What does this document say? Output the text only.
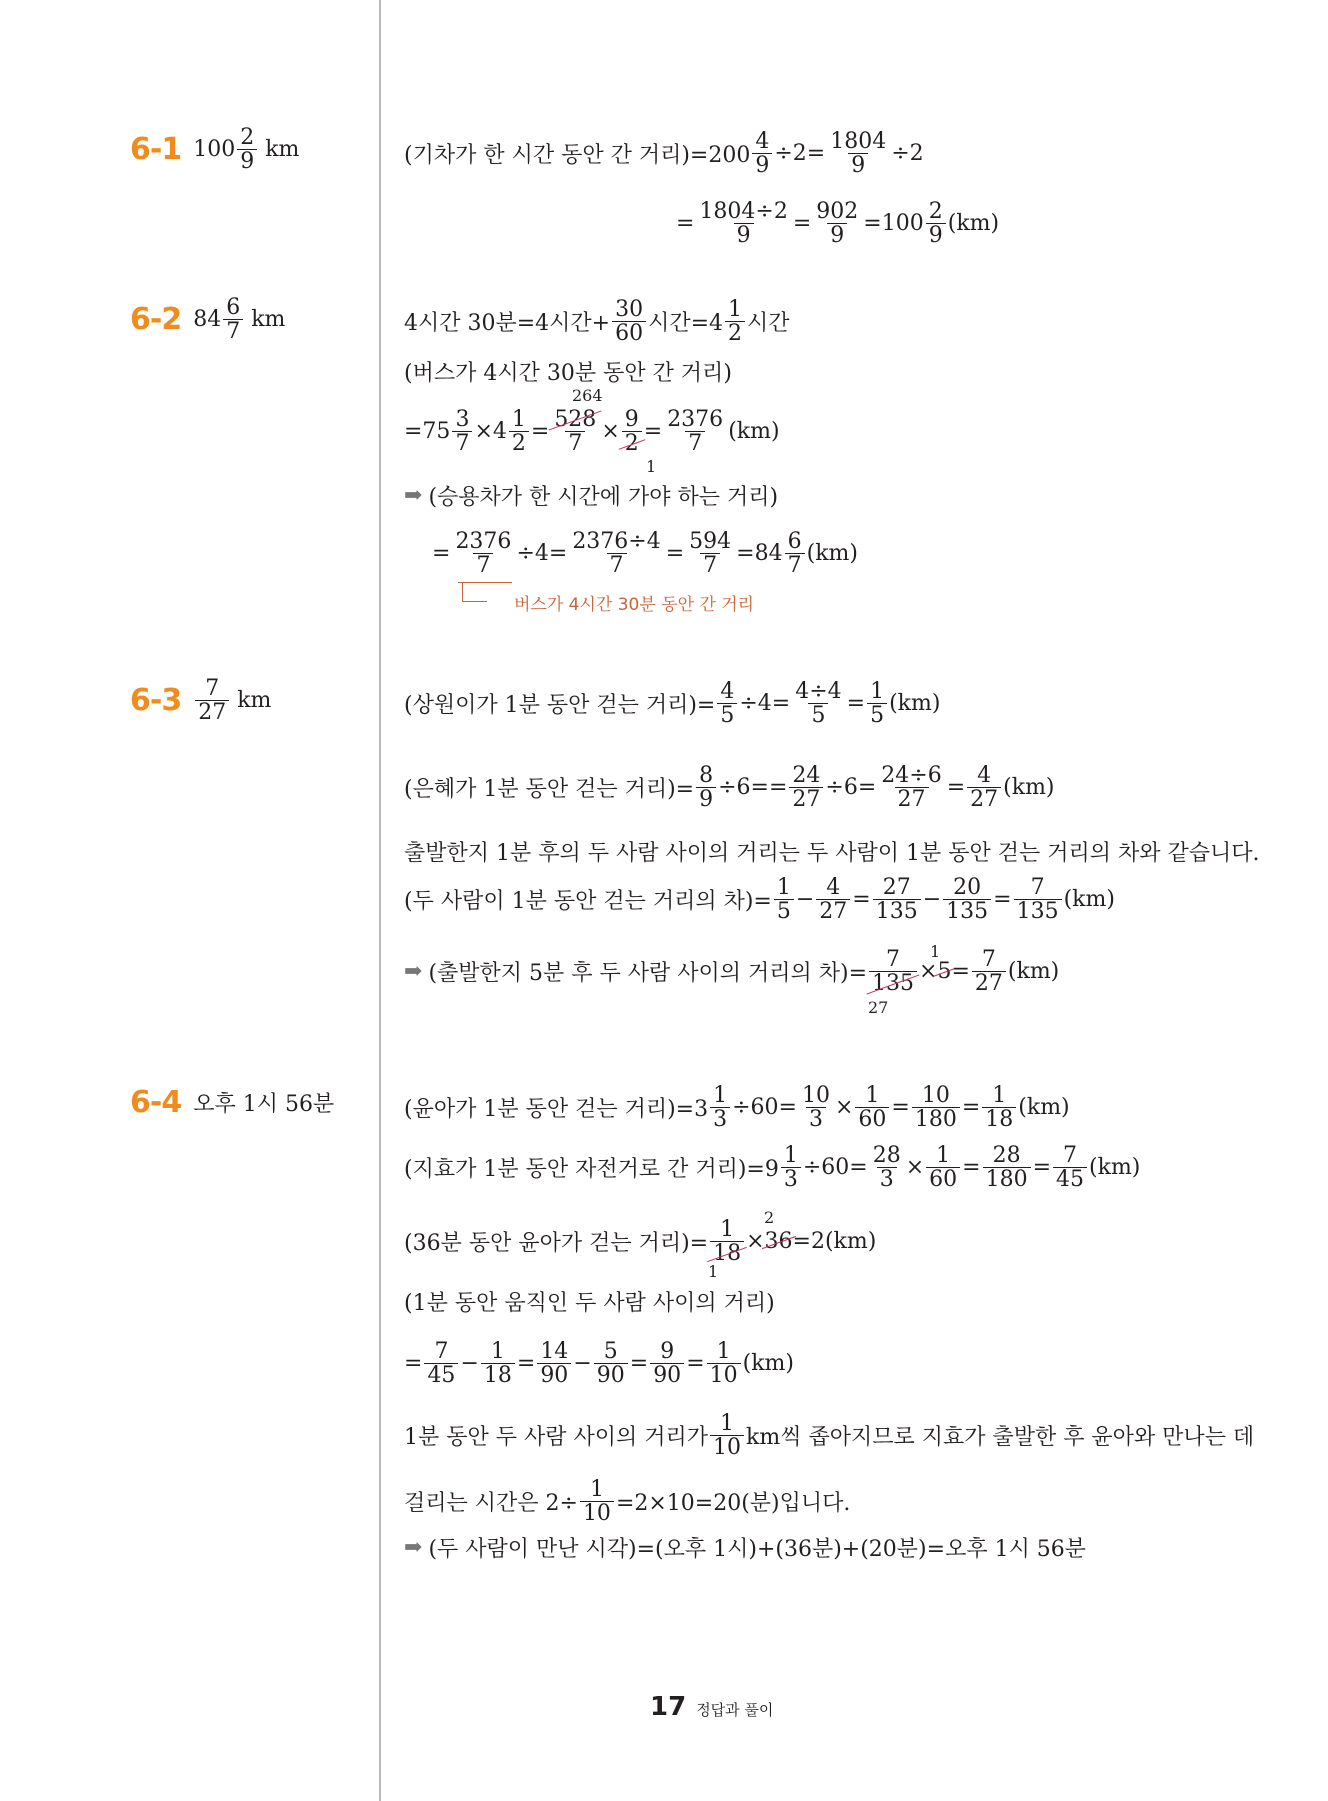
6-1 100 2
9 km
6-2 84 6
7 km
6-3 7
27 km
6-4 오후 1시 56분
(기차가 한 시간 동안 간 거리)$=200 \frac{4}{9} \div 2= \frac{1804}{9} \div 2$
= $\frac{1804\div 2}{9} = \frac{902}{9} =100$ 2
9 (km)
4시간 30분=4시간+ $\frac{30}{60}$ 시간=4
1
2 시간
(버스가 4시간 30분 동안 간 거리)
264
$=75 \frac{3}{7} \times 4 \frac{1}{2} = \frac{528}{7} \times \frac{9}{2} = \frac{2376}{7} (km)$
1
➡ (승용차가 한 시간에 가야 하는 거리)
= $\frac{2376}{7} \div 4= \frac{2376\div 4}{7} = \frac{594}{7} =84$ 6
7 (km)
버스가 4시간 30분 동안 간 거리
(상원이가 1분 동안 걷는 거리)= $\frac{4}{5} \div 4= \frac{4\div 4}{5} = \frac{1}{5} (km)$
(은혜가 1분 동안 걷는 거리)= $\frac{8}{9} \div 6== \frac{24}{27} \div 6= \frac{24\div 6}{27} = \frac{4}{27} (km)$
출발한지 1분 후의 두 사람 사이의 거리는 두 사람이 1분 동안 걷는 거리의 차와 같습니다.
(두 사람이 1분 동안 걷는 거리의 차)= $\frac{1}{5} - \frac{4}{27} = \frac{27}{135} - \frac{20}{135} = \frac{7}{135} (km)$
1
➡ (출발한지 5분 후 두 사람 사이의 거리의 차)= $\frac{7}{135} \times 5 = \frac{7}{27} (km)$
27
(윤아가 1분 동안 걷는 거리)$=3 \frac{1}{3} \div 60= \frac{10}{3} \times \frac{1}{60} = \frac{10}{180} = \frac{1}{18} (km)$
(지효가 1분 동안 자전거로 간 거리)$=9 \frac{1}{3} \div 60= \frac{28}{3} \times \frac{1}{60} = \frac{28}{180} = \frac{7}{45} (km)$
2
(36분 동안 윤아가 걷는 거리)= $\frac{1}{18} \times 36 =2(km)$
1
(1분 동안 움직인 두 사람 사이의 거리)
= $\frac{7}{45} - \frac{1}{18} = \frac{14}{90} - \frac{5}{90} = \frac{9}{90} = \frac{1}{10} (km)$
1분 동안 두 사람 사이의 거리가
1
10 km씩 좁아지므로 지효가 출발한 후 윤아와 만나는 데
걸리는 시간은 $2\div \frac{1}{10} =2\times 10=20$(분)입니다.
➡ (두 사람이 만난 시각)=(오후 1시)+(36분)+(20분)=오후 1시 56분
17 정답과 풀이
